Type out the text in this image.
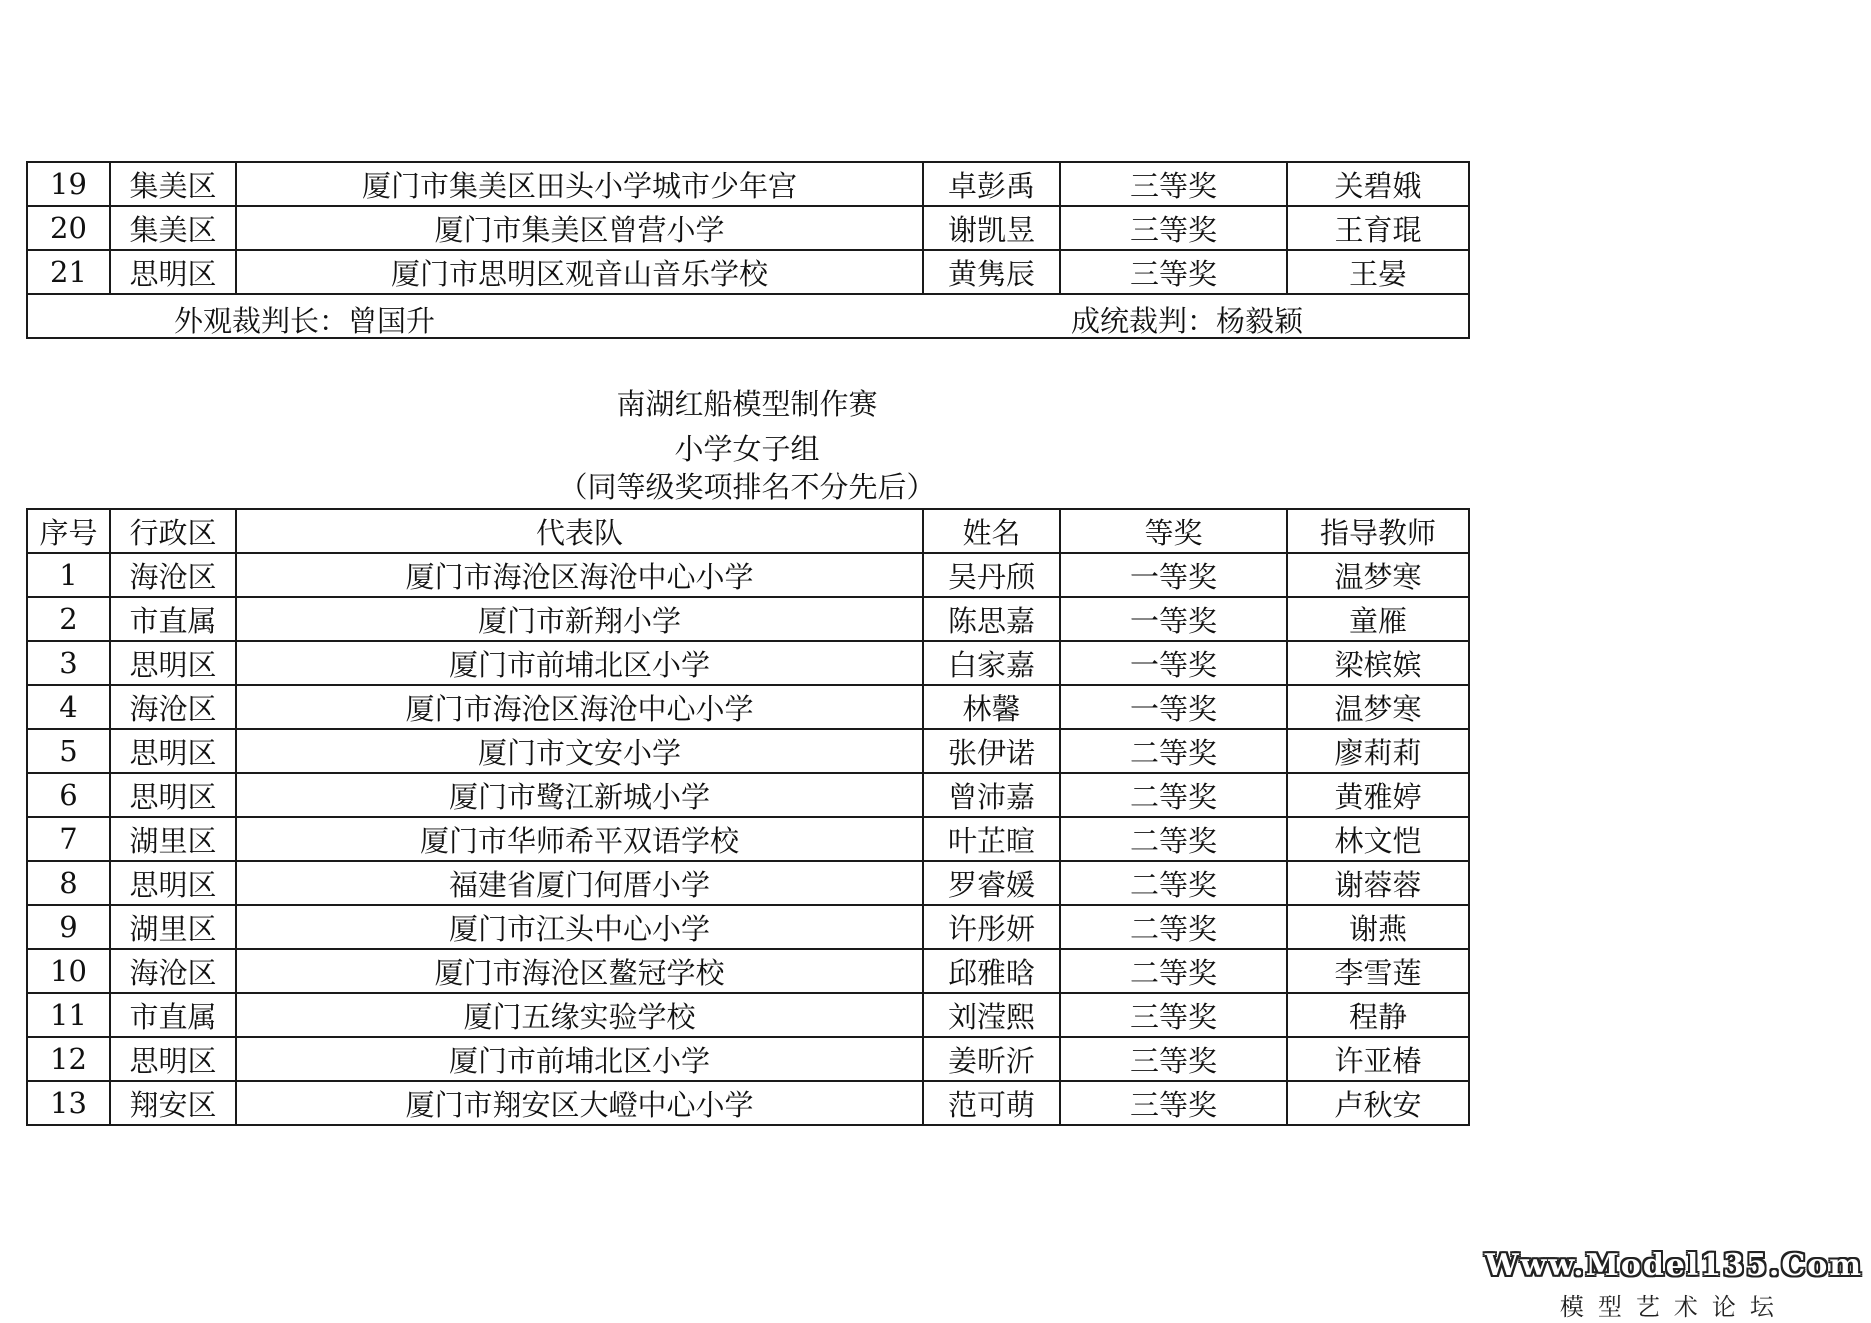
19	集美区	厦门市集美区田头小学城市少年宫	卓彭禹	三等奖	关碧娥
20	集美区	厦门市集美区曾营小学	谢凯昱	三等奖	王育琨
21	思明区	厦门市思明区观音山音乐学校	黄隽辰	三等奖	王晏

外观裁判长：曾国升 成统裁判：杨毅颖					
南湖红船模型制作赛
小学女子组
（同等级奖项排名不分先后）
序号	行政区	代表队	姓名	等奖	指导教师
1	海沧区	厦门市海沧区海沧中心小学	吴丹颀	一等奖	温梦寒
2	市直属	厦门市新翔小学	陈思嘉	一等奖	童雁
3	思明区	厦门市前埔北区小学	白家嘉	一等奖	梁槟嫔
4	海沧区	厦门市海沧区海沧中心小学	林馨	一等奖	温梦寒
5	思明区	厦门市文安小学	张伊诺	二等奖	廖莉莉
6	思明区	厦门市鹭江新城小学	曾沛嘉	二等奖	黄雅婷
7	湖里区	厦门市华师希平双语学校	叶芷暄	二等奖	林文恺
8	思明区	福建省厦门何厝小学	罗睿媛	二等奖	谢蓉蓉
9	湖里区	厦门市江头中心小学	许彤妍	二等奖	谢燕
10	海沧区	厦门市海沧区鳌冠学校	邱雅晗	二等奖	李雪莲
11	市直属	厦门五缘实验学校	刘滢熙	三等奖	程静
12	思明区	厦门市前埔北区小学	姜昕沂	三等奖	许亚椿
13	翔安区	厦门市翔安区大嶝中心小学	范可萌	三等奖	卢秋安
Www.Model135.Com
模型艺术论坛
